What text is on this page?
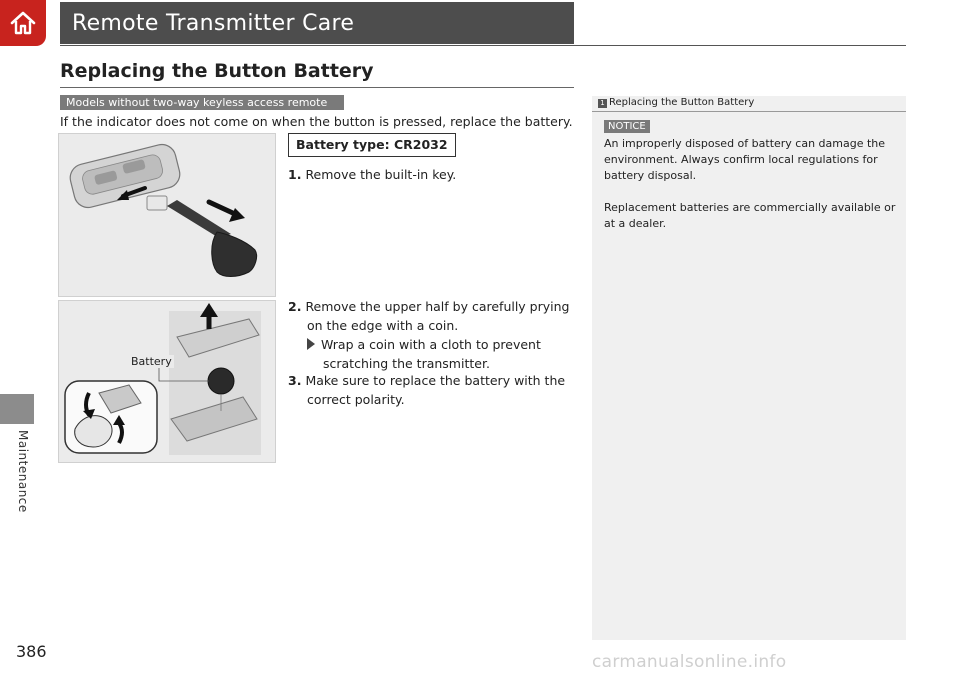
Remote Transmitter Care
Maintenance
Replacing the Button Battery
Models without two-way keyless access remote
If the indicator does not come on when the button is pressed, replace the battery.
Battery
Battery type: CR2032
1. Remove the built-in key.
2. Remove the upper half by carefully prying
on the edge with a coin.
Wrap a coin with a cloth to prevent
scratching the transmitter.
3. Make sure to replace the battery with the
correct polarity.
1 Replacing the Button Battery
NOTICE
An improperly disposed of battery can damage the
environment. Always confirm local regulations for
battery disposal.
Replacement batteries are commercially available or
at a dealer.
386
carmanualsonline.info
